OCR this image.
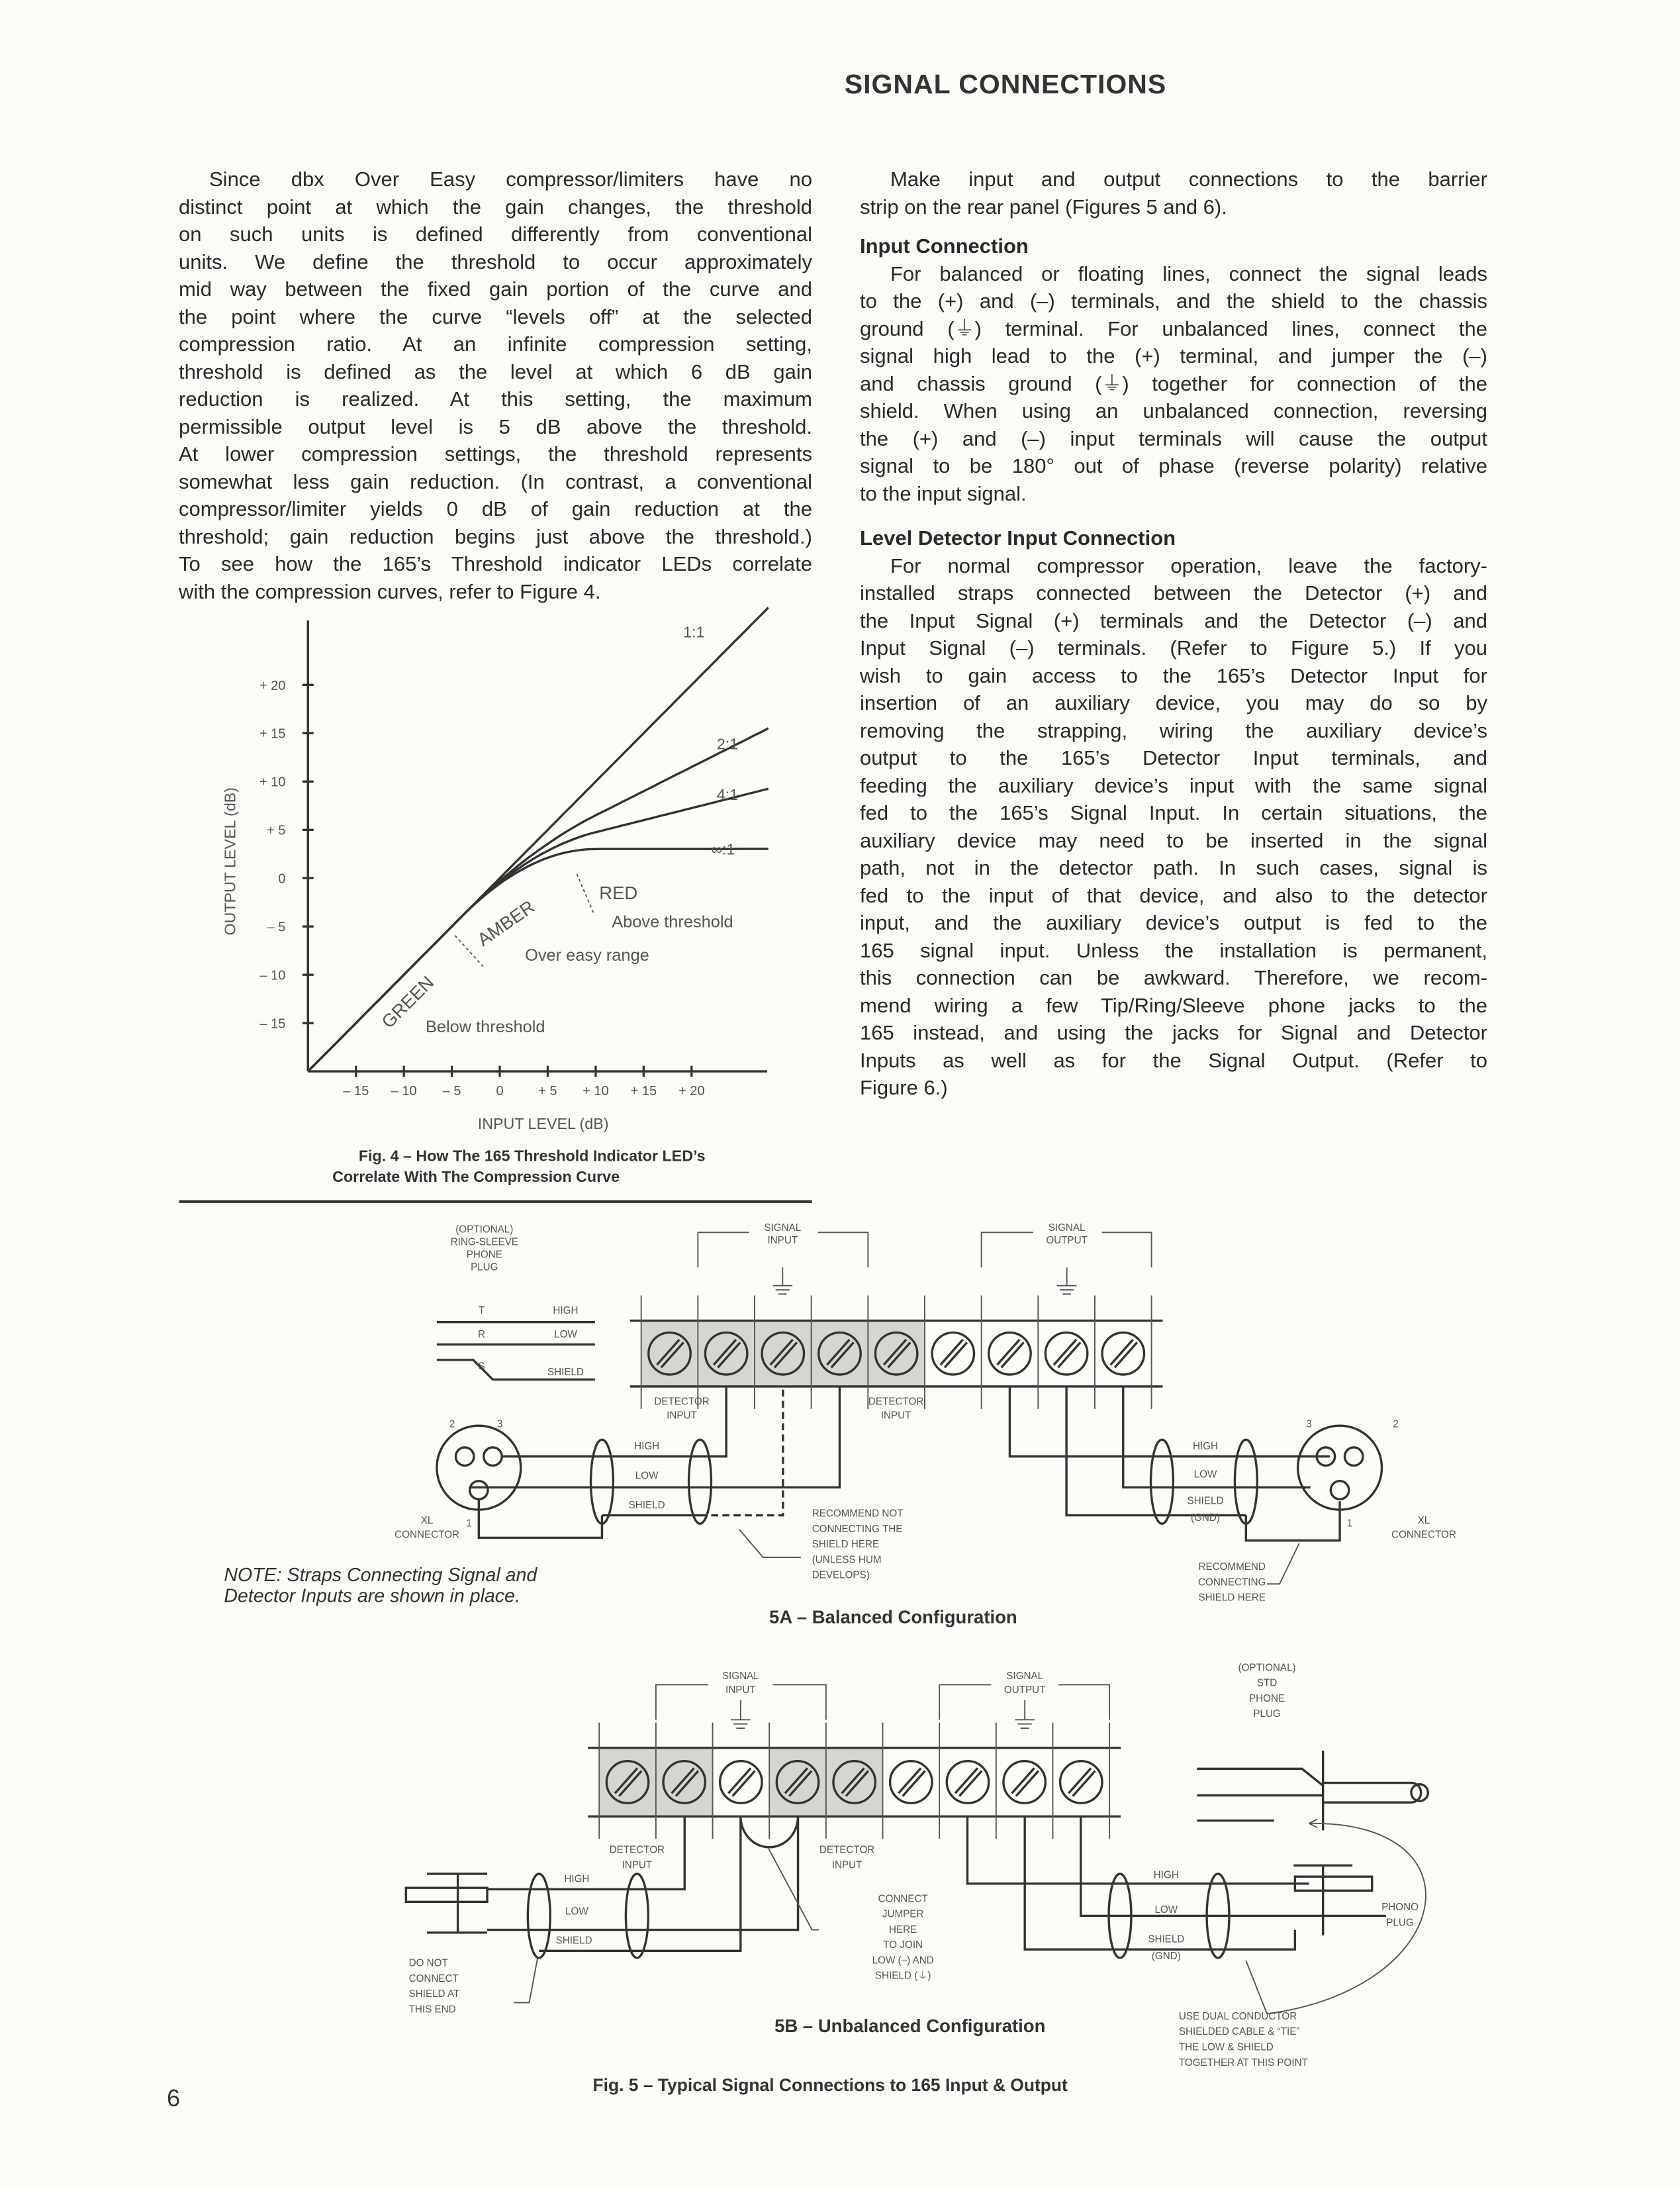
SIGNAL CONNECTIONS
Since dbx Over Easy compressor/limiters have no
distinct point at which the gain changes, the threshold
on such units is defined differently from conventional
units. We define the threshold to occur approximately
mid way between the fixed gain portion of the curve and
the point where the curve “levels off” at the selected
compression ratio. At an infinite compression setting,
threshold is defined as the level at which 6 dB gain
reduction is realized. At this setting, the maximum
permissible output level is 5 dB above the threshold.
At lower compression settings, the threshold represents
somewhat less gain reduction. (In contrast, a conventional
compressor/limiter yields 0 dB of gain reduction at the
threshold; gain reduction begins just above the threshold.)
To see how the 165’s Threshold indicator LEDs correlate
with the compression curves, refer to Figure 4.
Make input and output connections to the barrier
strip on the rear panel (Figures 5 and 6).
Input Connection
For balanced or floating lines, connect the signal leads
to the (+) and (–) terminals, and the shield to the chassis
ground (⏚) terminal. For unbalanced lines, connect the
signal high lead to the (+) terminal, and jumper the (–)
and chassis ground (⏚) together for connection of the
shield. When using an unbalanced connection, reversing
the (+) and (–) input terminals will cause the output
signal to be 180° out of phase (reverse polarity) relative
to the input signal.
Level Detector Input Connection
For normal compressor operation, leave the factory-
installed straps connected between the Detector (+) and
the Input Signal (+) terminals and the Detector (–) and
Input Signal (–) terminals. (Refer to Figure 5.) If you
wish to gain access to the 165’s Detector Input for
insertion of an auxiliary device, you may do so by
removing the strapping, wiring the auxiliary device’s
output to the 165’s Detector Input terminals, and
feeding the auxiliary device’s input with the same signal
fed to the 165’s Signal Input. In certain situations, the
auxiliary device may need to be inserted in the signal
path, not in the detector path. In such cases, signal is
fed to the input of that device, and also to the detector
input, and the auxiliary device’s output is fed to the
165 signal input. Unless the installation is permanent,
this connection can be awkward. Therefore, we recom-
mend wiring a few Tip/Ring/Sleeve phone jacks to the
165 instead, and using the jacks for Signal and Detector
Inputs as well as for the Signal Output. (Refer to
Figure 6.)
6
– 15	– 10	– 5	0	+ 5	+ 10	+ 15	+ 20
+ 20
+ 15
+ 10
+ 5
0
– 5
– 10
– 15
OUTPUT LEVEL (dB)
INPUT LEVEL (dB)
1:1
2:1
4:1
∞:1
RED
Above threshold
AMBER
Over easy range
GREEN
Below threshold
Fig. 4 – How The 165 Threshold Indicator LED’s
Correlate With The Compression Curve
SIGNAL
INPUT
SIGNAL
OUTPUT
(OPTIONAL)
RING-SLEEVE
PHONE
PLUG
T
R
S
HIGH
LOW
SHIELD
DETECTOR
INPUT
DETECTOR
INPUT
2	3
1
XL
CONNECTOR
HIGH
LOW
SHIELD
RECOMMEND NOT
CONNECTING THE
SHIELD HERE
(UNLESS HUM
DEVELOPS)
3	2
1	XL
CONNECTOR
HIGH
LOW
SHIELD
(GND)
RECOMMEND
CONNECTING
SHIELD HERE
NOTE: Straps Connecting Signal and
Detector Inputs are shown in place.
5A – Balanced Configuration
SIGNAL
INPUT
SIGNAL
OUTPUT
DETECTOR
INPUT
DETECTOR
INPUT
HIGH
LOW
SHIELD
DO NOT
CONNECT
SHIELD AT
THIS END
CONNECT
JUMPER
HERE
TO JOIN
LOW (–) AND
SHIELD (⏚)
PHONO
PLUG
HIGH
LOW
SHIELD
(GND)
(OPTIONAL)
STD
PHONE
PLUG
USE DUAL CONDUCTOR
SHIELDED CABLE & “TIE”
THE LOW & SHIELD
TOGETHER AT THIS POINT
5B – Unbalanced Configuration
Fig. 5 – Typical Signal Connections to 165 Input & Output
